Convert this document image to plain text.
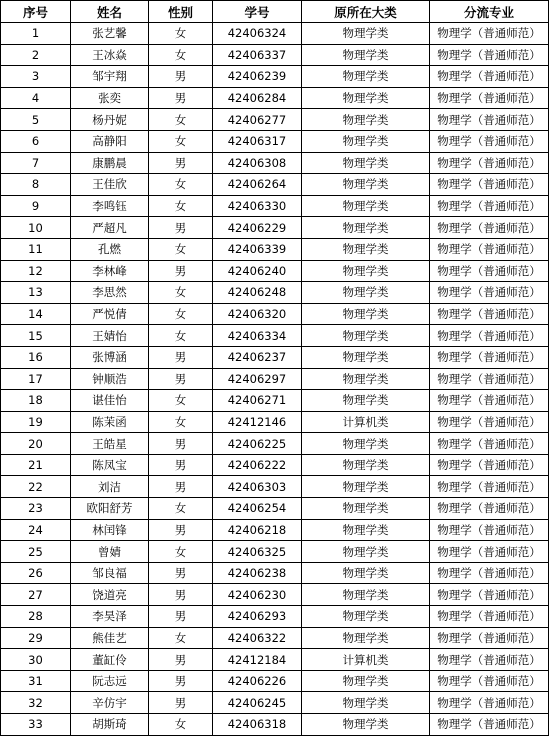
序号	姓名	性别	学号	原所在大类	分流专业
1	张艺馨	女	42406324	物理学类	物理学（普通师范）
2	王冰焱	女	42406337	物理学类	物理学（普通师范）
3	邹宇翔	男	42406239	物理学类	物理学（普通师范）
4	张奕	男	42406284	物理学类	物理学（普通师范）
5	杨丹妮	女	42406277	物理学类	物理学（普通师范）
6	高静阳	女	42406317	物理学类	物理学（普通师范）
7	康鹏晨	男	42406308	物理学类	物理学（普通师范）
8	王佳欣	女	42406264	物理学类	物理学（普通师范）
9	李鸣钰	女	42406330	物理学类	物理学（普通师范）
10	严超凡	男	42406229	物理学类	物理学（普通师范）
11	孔燃	女	42406339	物理学类	物理学（普通师范）
12	李林峰	男	42406240	物理学类	物理学（普通师范）
13	李思然	女	42406248	物理学类	物理学（普通师范）
14	严悦倩	女	42406320	物理学类	物理学（普通师范）
15	王婧怡	女	42406334	物理学类	物理学（普通师范）
16	张博涵	男	42406237	物理学类	物理学（普通师范）
17	钟顺浩	男	42406297	物理学类	物理学（普通师范）
18	谌佳怡	女	42406271	物理学类	物理学（普通师范）
19	陈茉函	女	42412146	计算机类	物理学（普通师范）
20	王皓星	男	42406225	物理学类	物理学（普通师范）
21	陈凤宝	男	42406222	物理学类	物理学（普通师范）
22	刘洁	男	42406303	物理学类	物理学（普通师范）
23	欧阳舒芳	女	42406254	物理学类	物理学（普通师范）
24	林闰锋	男	42406218	物理学类	物理学（普通师范）
25	曾婧	女	42406325	物理学类	物理学（普通师范）
26	邹良福	男	42406238	物理学类	物理学（普通师范）
27	饶道亮	男	42406230	物理学类	物理学（普通师范）
28	李昊泽	男	42406293	物理学类	物理学（普通师范）
29	熊佳艺	女	42406322	物理学类	物理学（普通师范）
30	董缸伶	男	42412184	计算机类	物理学（普通师范）
31	阮志远	男	42406226	物理学类	物理学（普通师范）
32	辛仿宇	男	42406245	物理学类	物理学（普通师范）
33	胡斯琦	女	42406318	物理学类	物理学（普通师范）
